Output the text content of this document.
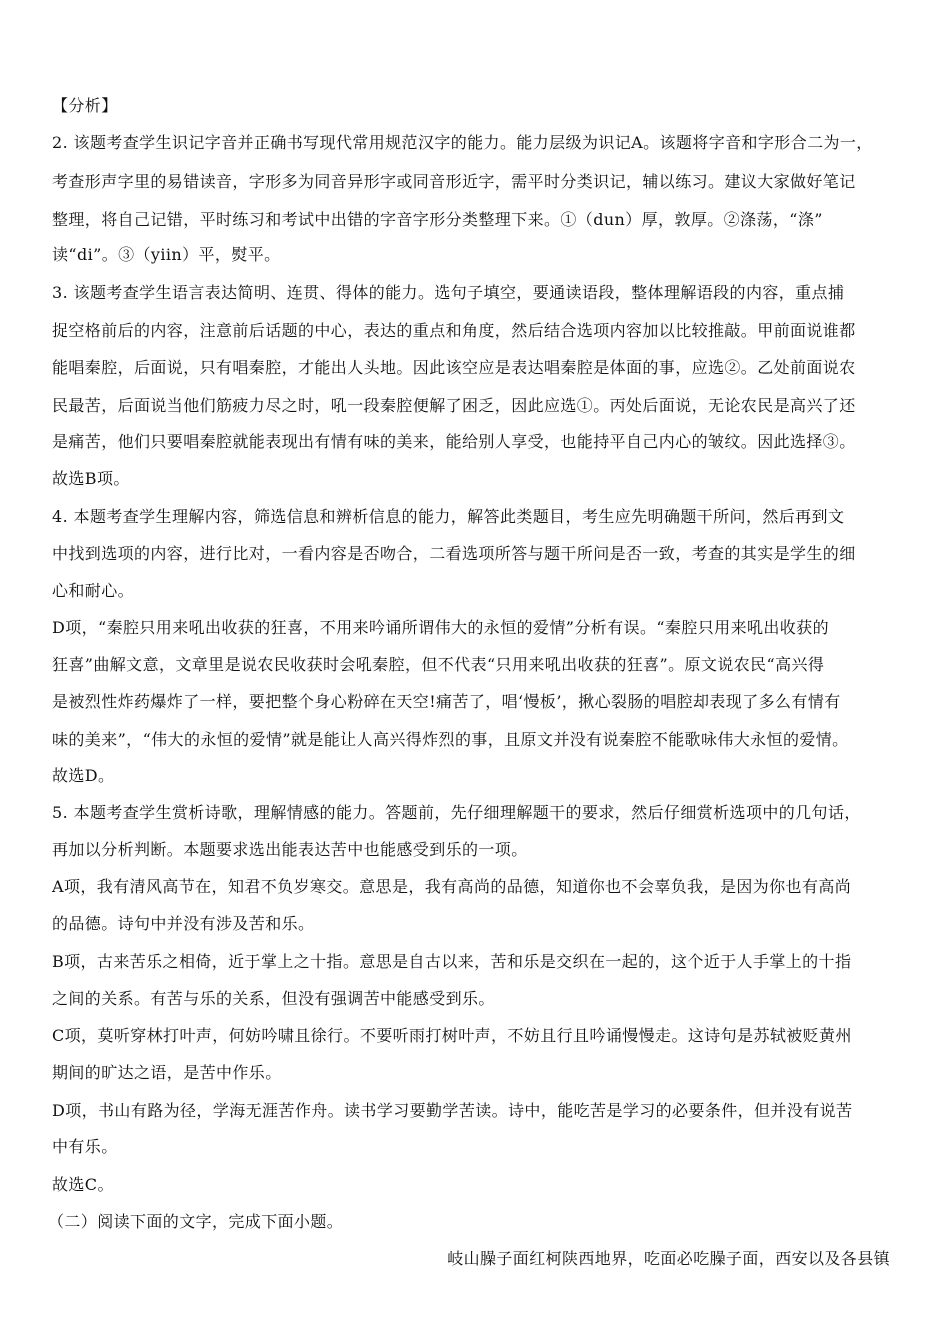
【分析】
2. 该题考查学生识记字音并正确书写现代常用规范汉字的能力。能力层级为识记A。该题将字音和字形合二为一，
考查形声字里的易错读音，字形多为同音异形字或同音形近字，需平时分类识记，辅以练习。建议大家做好笔记
整理，将自己记错，平时练习和考试中出错的字音字形分类整理下来。①（dun）厚，敦厚。②涤荡，“涤”
读“di”。③（yiin）平，熨平。
3. 该题考查学生语言表达简明、连贯、得体的能力。选句子填空，要通读语段，整体理解语段的内容，重点捕
捉空格前后的内容，注意前后话题的中心，表达的重点和角度，然后结合选项内容加以比较推敲。甲前面说谁都
能唱秦腔，后面说，只有唱秦腔，才能出人头地。因此该空应是表达唱秦腔是体面的事，应选②。乙处前面说农
民最苦，后面说当他们筋疲力尽之时，吼一段秦腔便解了困乏，因此应选①。丙处后面说，无论农民是高兴了还
是痛苦，他们只要唱秦腔就能表现出有情有味的美来，能给别人享受，也能持平自己内心的皱纹。因此选择③。
故选B项。
4. 本题考查学生理解内容，筛选信息和辨析信息的能力，解答此类题目，考生应先明确题干所问，然后再到文
中找到选项的内容，进行比对，一看内容是否吻合，二看选项所答与题干所问是否一致，考查的其实是学生的细
心和耐心。
D项，“秦腔只用来吼出收获的狂喜，不用来吟诵所谓伟大的永恒的爱情”分析有误。“秦腔只用来吼出收获的
狂喜”曲解文意，文章里是说农民收获时会吼秦腔，但不代表“只用来吼出收获的狂喜”。原文说农民“高兴得
是被烈性炸药爆炸了一样，要把整个身心粉碎在天空!痛苦了，唱‘慢板’，揪心裂肠的唱腔却表现了多么有情有
味的美来”，“伟大的永恒的爱情”就是能让人高兴得炸烈的事，且原文并没有说秦腔不能歌咏伟大永恒的爱情。
故选D。
5. 本题考查学生赏析诗歌，理解情感的能力。答题前，先仔细理解题干的要求，然后仔细赏析选项中的几句话，
再加以分析判断。本题要求选出能表达苦中也能感受到乐的一项。
A项，我有清风高节在，知君不负岁寒交。意思是，我有高尚的品德，知道你也不会辜负我，是因为你也有高尚
的品德。诗句中并没有涉及苦和乐。
B项，古来苦乐之相倚，近于掌上之十指。意思是自古以来，苦和乐是交织在一起的，这个近于人手掌上的十指
之间的关系。有苦与乐的关系，但没有强调苦中能感受到乐。
C项，莫听穿林打叶声，何妨吟啸且徐行。不要听雨打树叶声，不妨且行且吟诵慢慢走。这诗句是苏轼被贬黄州
期间的旷达之语，是苦中作乐。
D项，书山有路为径，学海无涯苦作舟。读书学习要勤学苦读。诗中，能吃苦是学习的必要条件，但并没有说苦
中有乐。
故选C。
（二）阅读下面的文字，完成下面小题。
岐山臊子面红柯陕西地界，吃面必吃臊子面，西安以及各县镇
